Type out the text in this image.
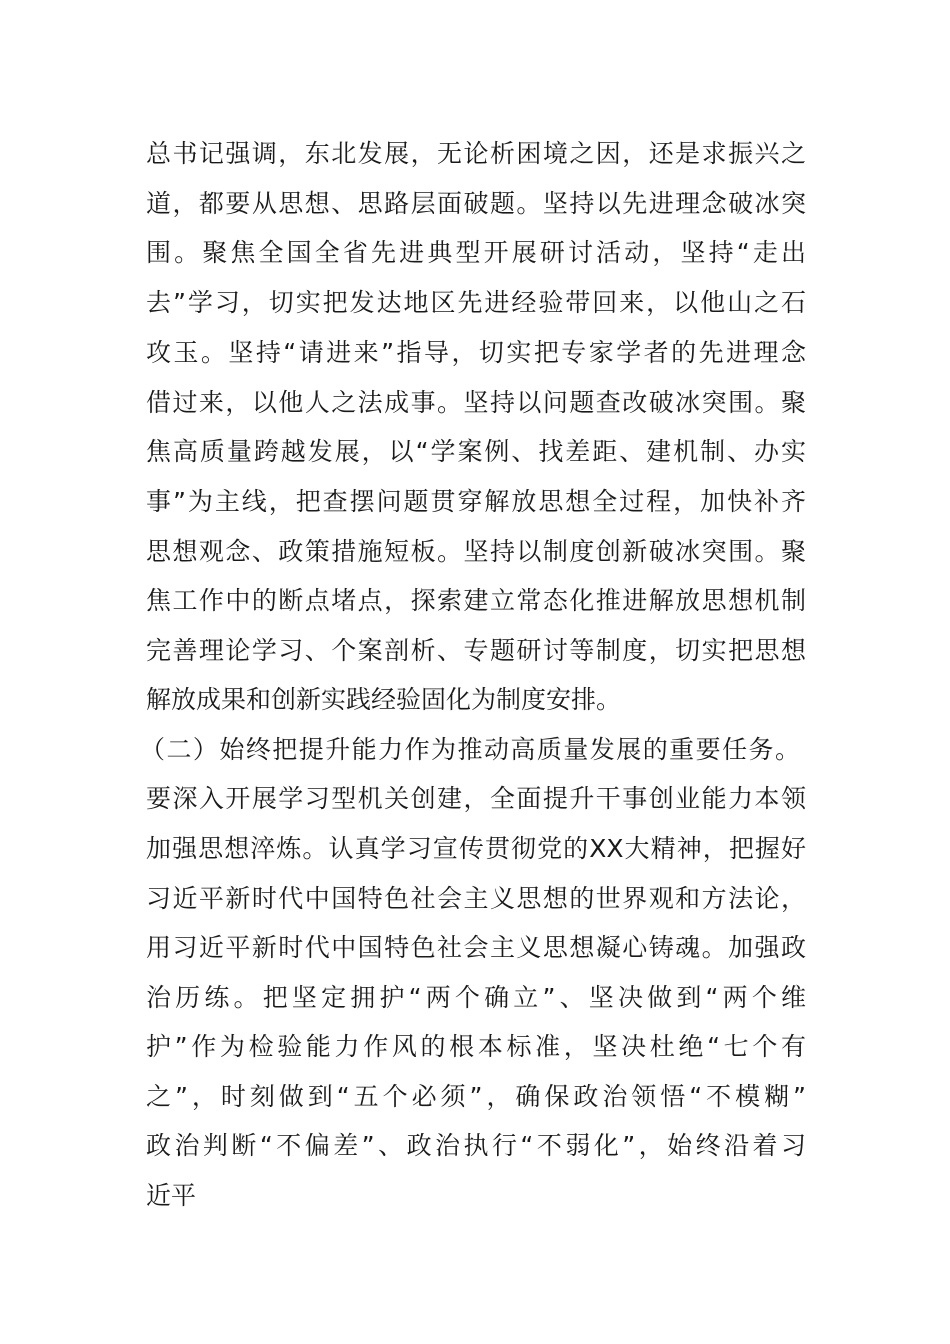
总书记强调，东北发展，无论析困境之因，还是求振兴之
道，都要从思想、思路层面破题。坚持以先进理念破冰突
围。聚焦全国全省先进典型开展研讨活动，坚持“走出
去”学习，切实把发达地区先进经验带回来，以他山之石
攻玉。坚持“请进来”指导，切实把专家学者的先进理念
借过来，以他人之法成事。坚持以问题查改破冰突围。聚
焦高质量跨越发展，以“学案例、找差距、建机制、办实
事”为主线，把查摆问题贯穿解放思想全过程，加快补齐
思想观念、政策措施短板。坚持以制度创新破冰突围。聚
焦工作中的断点堵点，探索建立常态化推进解放思想机制
完善理论学习、个案剖析、专题研讨等制度，切实把思想
解放成果和创新实践经验固化为制度安排。
（二）始终把提升能力作为推动高质量发展的重要任务。
要深入开展学习型机关创建，全面提升干事创业能力本领
加强思想淬炼。认真学习宣传贯彻党的XX大精神，把握好
习近平新时代中国特色社会主义思想的世界观和方法论，
用习近平新时代中国特色社会主义思想凝心铸魂。加强政
治历练。把坚定拥护“两个确立”、坚决做到“两个维
护”作为检验能力作风的根本标准，坚决杜绝“七个有
之”，时刻做到“五个必须”，确保政治领悟“不模糊”
政治判断“不偏差”、政治执行“不弱化”，始终沿着习
近平
